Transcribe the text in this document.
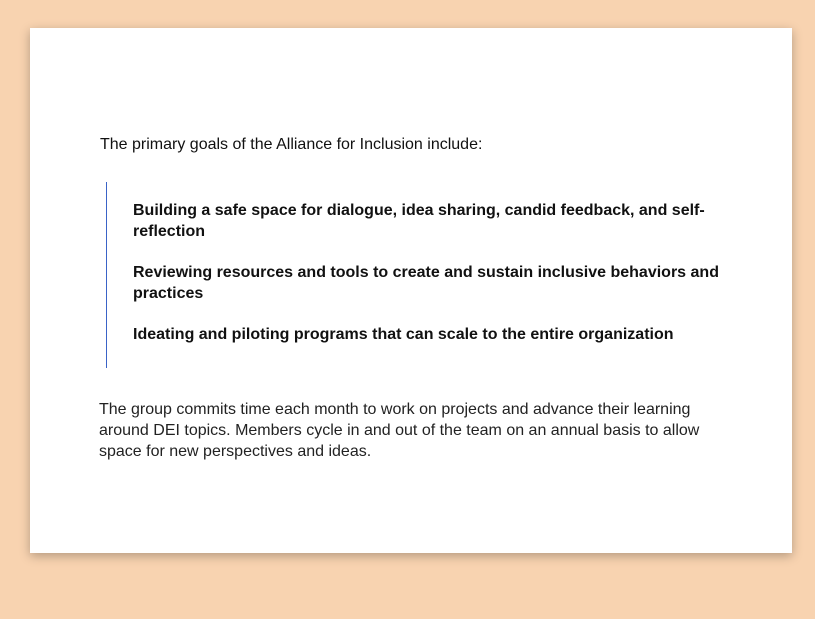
The primary goals of the Alliance for Inclusion include:

Building a safe space for dialogue, idea sharing, candid feedback, and self-reflection
Reviewing resources and tools to create and sustain inclusive behaviors and practices
Ideating and piloting programs that can scale to the entire organization

The group commits time each month to work on projects and advance their learning around DEI topics. Members cycle in and out of the team on an annual basis to allow space for new perspectives and ideas.
